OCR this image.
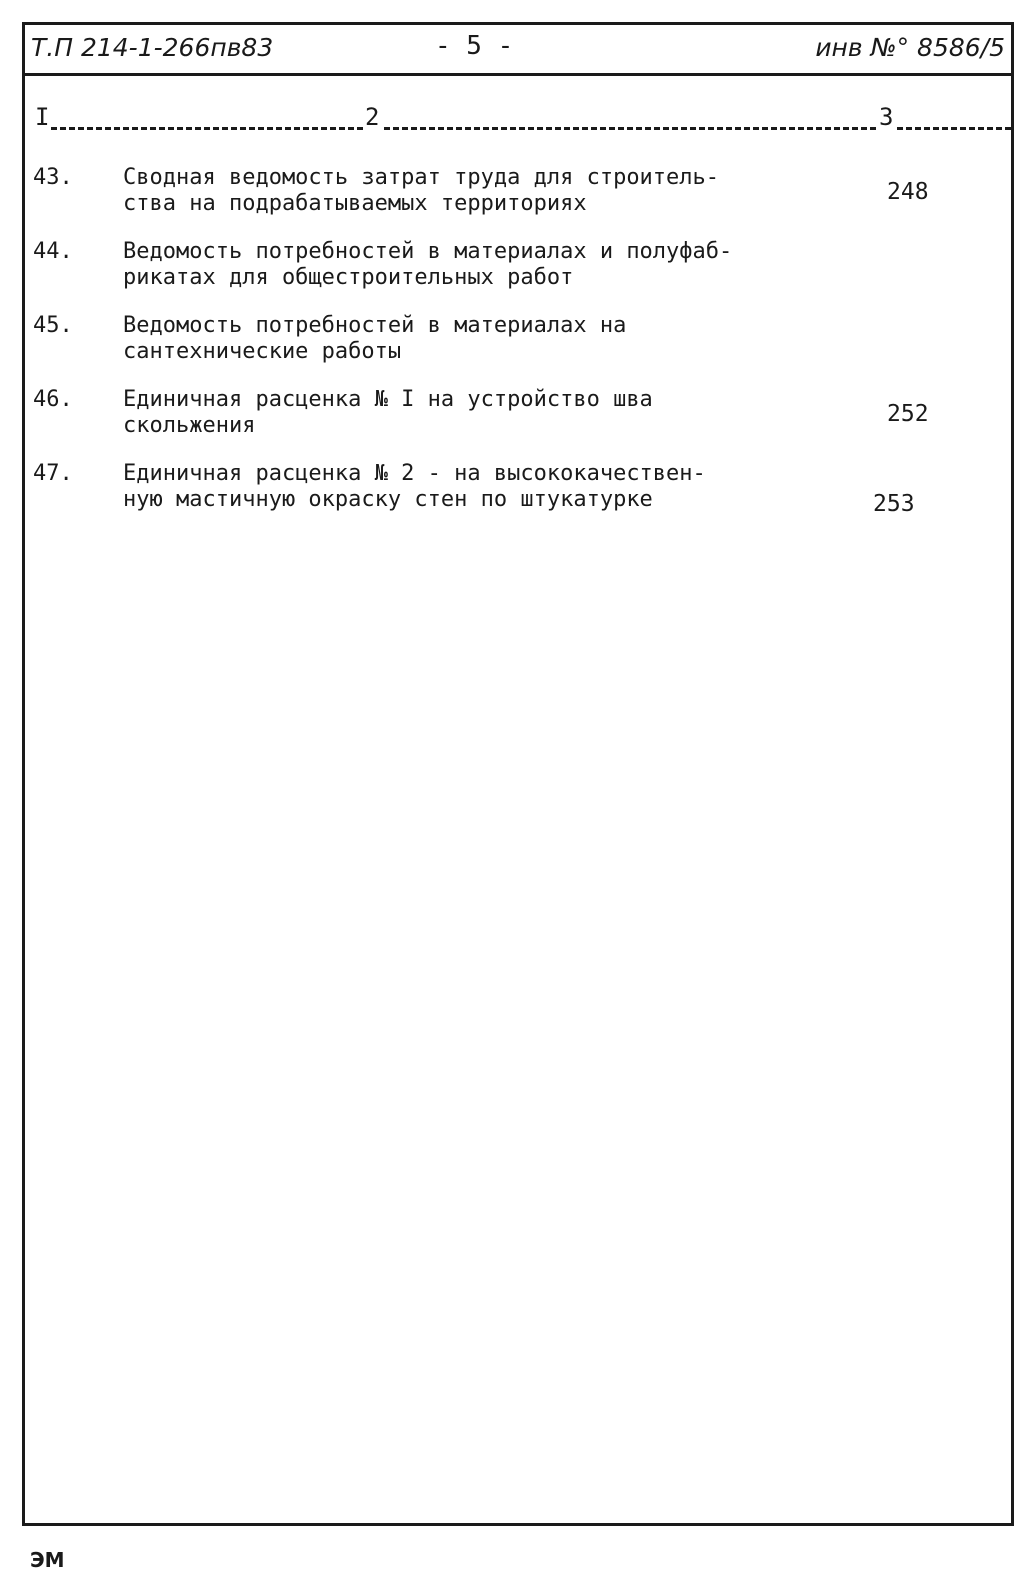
Т.П 214-1-266пв83	- 5 -	инв №° 8586/5
I	2	3
43. Сводная ведомость затрат труда для строитель-
ства на подрабатываемых территориях	248
44. Ведомость потребностей в материалах и полуфаб-
рикатах для общестроительных работ
45. Ведомость потребностей в материалах на
сантехнические работы
46. Единичная расценка № I на устройство шва
скольжения	252
47. Единичная расценка № 2 - на высококачествен-
ную мастичную окраску стен по штукатурке	253
ЭМ
